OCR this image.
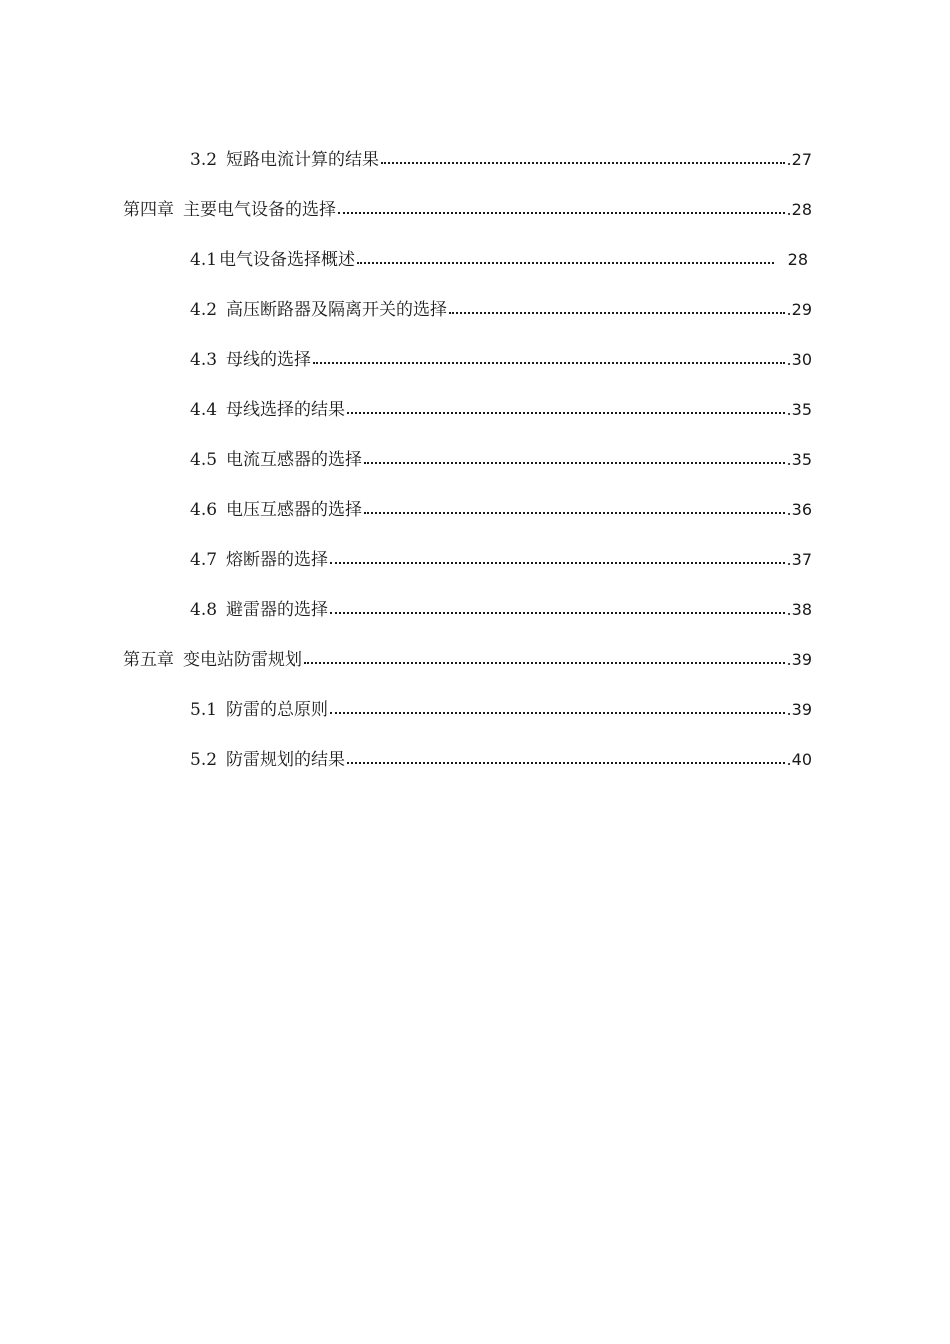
3.2 短路电流计算的结果	.27
第四章 主要电气设备的选择	.28
4.1 电气设备选择概述	28
4.2 高压断路器及隔离开关的选择	.29
4.3 母线的选择	.30
4.4 母线选择的结果	.35
4.5 电流互感器的选择	.35
4.6 电压互感器的选择	.36
4.7 熔断器的选择	.37
4.8 避雷器的选择	.38
第五章 变电站防雷规划	.39
5.1 防雷的总原则	.39
5.2 防雷规划的结果	.40
